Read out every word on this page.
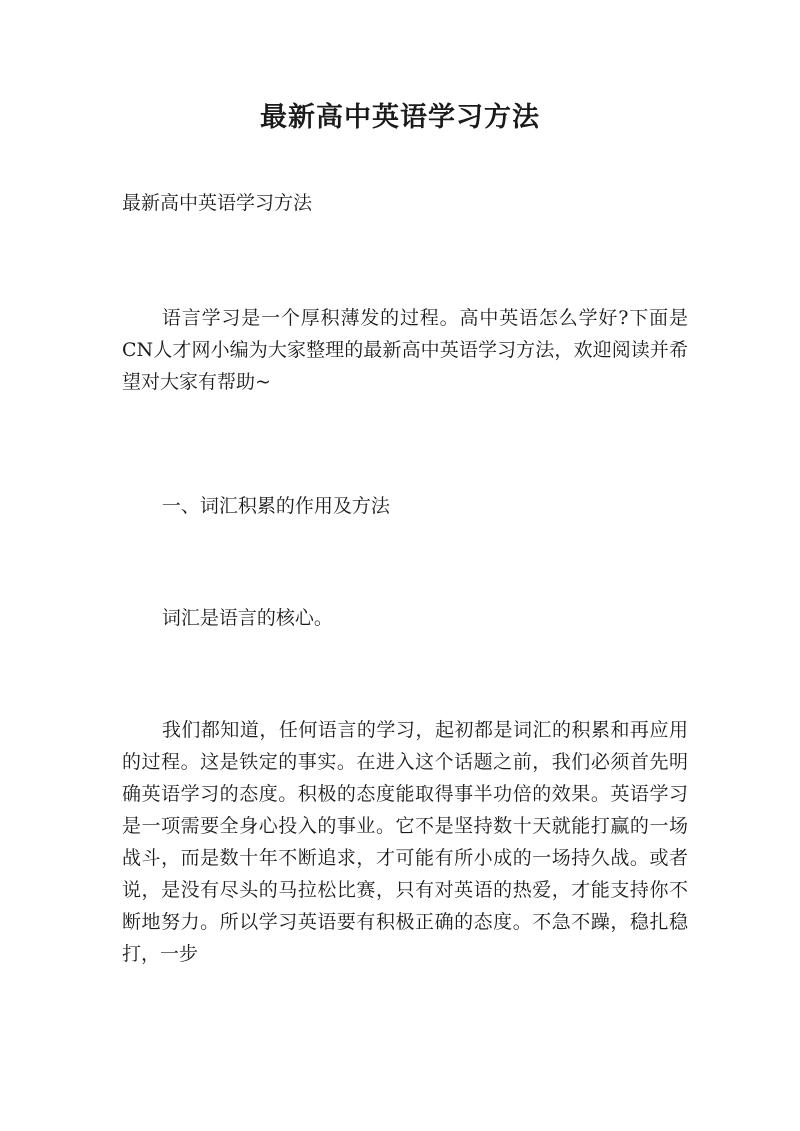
最新高中英语学习方法

最新高中英语学习方法

语言学习是一个厚积薄发的过程。高中英语怎么学好?下面是CN人才网小编为大家整理的最新高中英语学习方法，欢迎阅读并希望对大家有帮助~

一、词汇积累的作用及方法

词汇是语言的核心。

我们都知道，任何语言的学习，起初都是词汇的积累和再应用的过程。这是铁定的事实。在进入这个话题之前，我们必须首先明确英语学习的态度。积极的态度能取得事半功倍的效果。英语学习是一项需要全身心投入的事业。它不是坚持数十天就能打赢的一场战斗，而是数十年不断追求，才可能有所小成的一场持久战。或者说，是没有尽头的马拉松比赛，只有对英语的热爱，才能支持你不断地努力。所以学习英语要有积极正确的态度。不急不躁，稳扎稳打，一步
